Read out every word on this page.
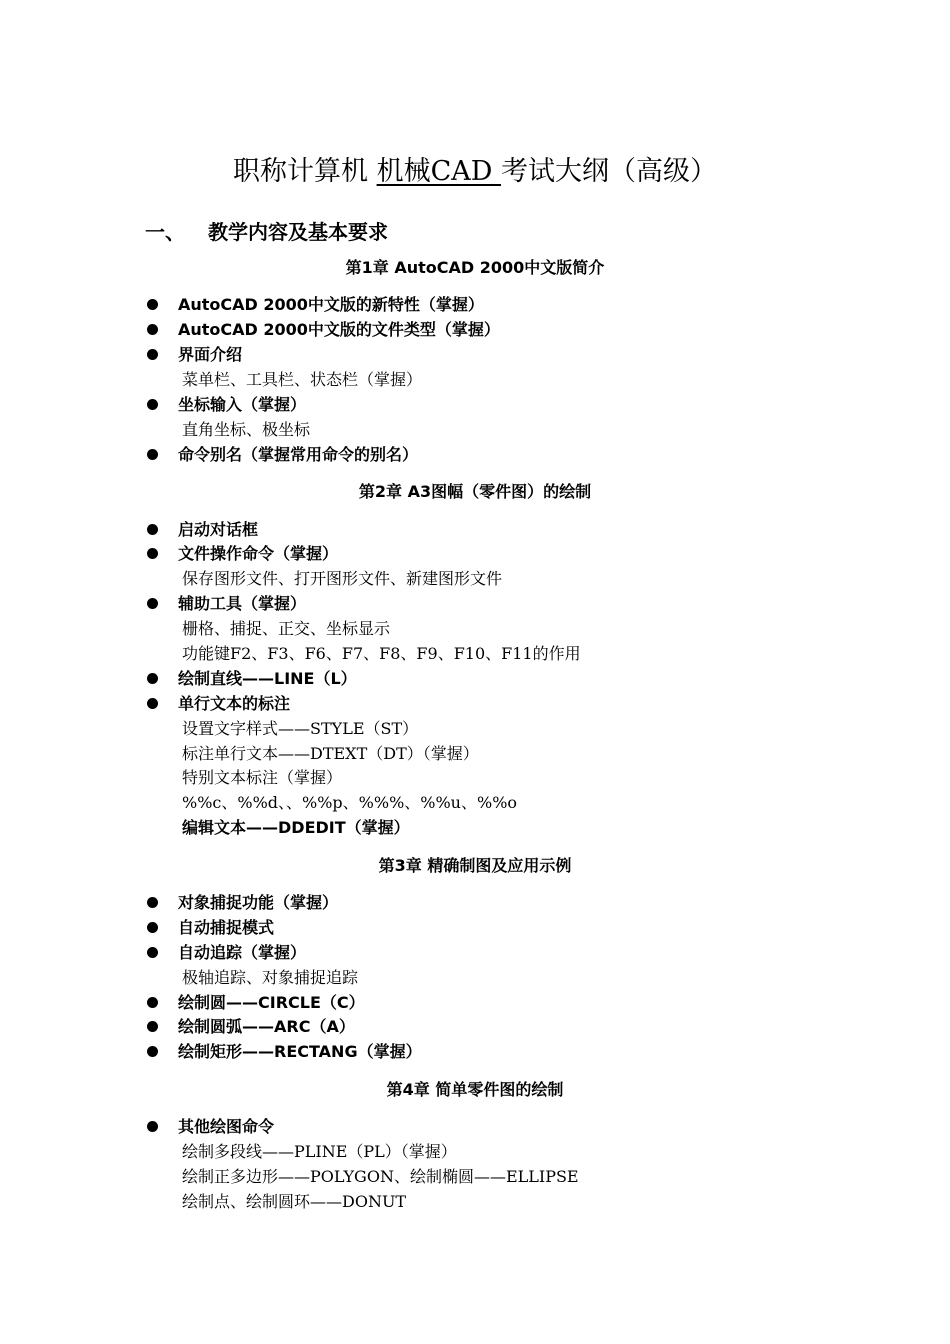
职称计算机 机械CAD 考试大纲（高级）
一、 教学内容及基本要求
第1章 AutoCAD 2000中文版简介
AutoCAD 2000中文版的新特性（掌握）
AutoCAD 2000中文版的文件类型（掌握）
界面介绍
菜单栏、工具栏、状态栏（掌握）
坐标输入（掌握）
直角坐标、极坐标
命令别名（掌握常用命令的别名）
第2章 A3图幅（零件图）的绘制
启动对话框
文件操作命令（掌握）
保存图形文件、打开图形文件、新建图形文件
辅助工具（掌握）
栅格、捕捉、正交、坐标显示
功能键F2、F3、F6、F7、F8、F9、F10、F11的作用
绘制直线——LINE（L）
单行文本的标注
设置文字样式——STYLE（ST）
标注单行文本——DTEXT（DT）（掌握）
特别文本标注（掌握）
%%c、%%d、、%%p、%%%、%%u、%%o
编辑文本——DDEDIT（掌握）
第3章 精确制图及应用示例
对象捕捉功能（掌握）
自动捕捉模式
自动追踪（掌握）
极轴追踪、对象捕捉追踪
绘制圆——CIRCLE（C）
绘制圆弧——ARC（A）
绘制矩形——RECTANG（掌握）
第4章 简单零件图的绘制
其他绘图命令
绘制多段线——PLINE（PL）（掌握）
绘制正多边形——POLYGON、绘制椭圆——ELLIPSE
绘制点、绘制圆环——DONUT
